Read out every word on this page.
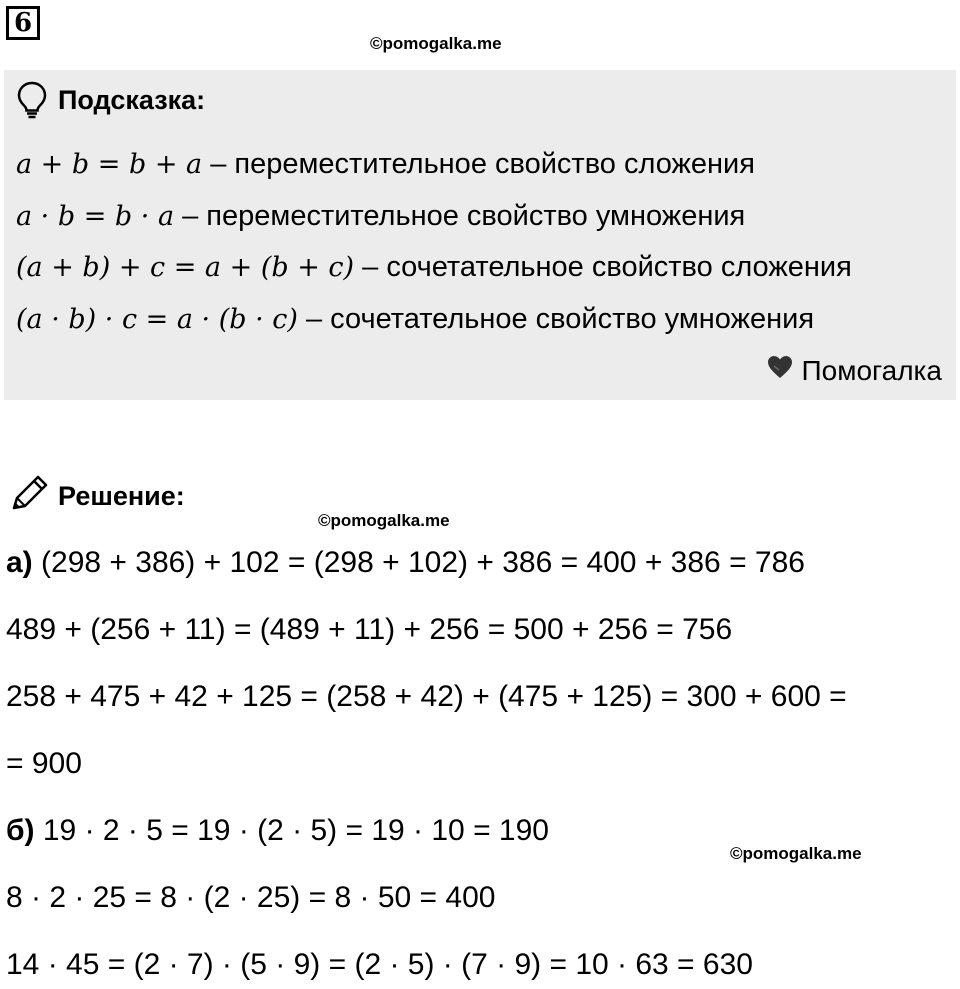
6
©pomogalka.me
Подсказка:
a + b = b + a – переместительное свойство сложения
a · b = b · a – переместительное свойство умножения
(a + b) + c = a + (b + c) – сочетательное свойство сложения
(a · b) · c = a · (b · c) – сочетательное свойство умножения
Помогалка
Решение:
©pomogalka.me
а) (298 + 386) + 102 = (298 + 102) + 386 = 400 + 386 = 786
489 + (256 + 11) = (489 + 11) + 256 = 500 + 256 = 756
258 + 475 + 42 + 125 = (258 + 42) + (475 + 125) = 300 + 600 =
= 900
б) 19 · 2 · 5 = 19 · (2 · 5) = 19 · 10 = 190
8 · 2 · 25 = 8 · (2 · 25) = 8 · 50 = 400
14 · 45 = (2 · 7) · (5 · 9) = (2 · 5) · (7 · 9) = 10 · 63 = 630
©pomogalka.me
